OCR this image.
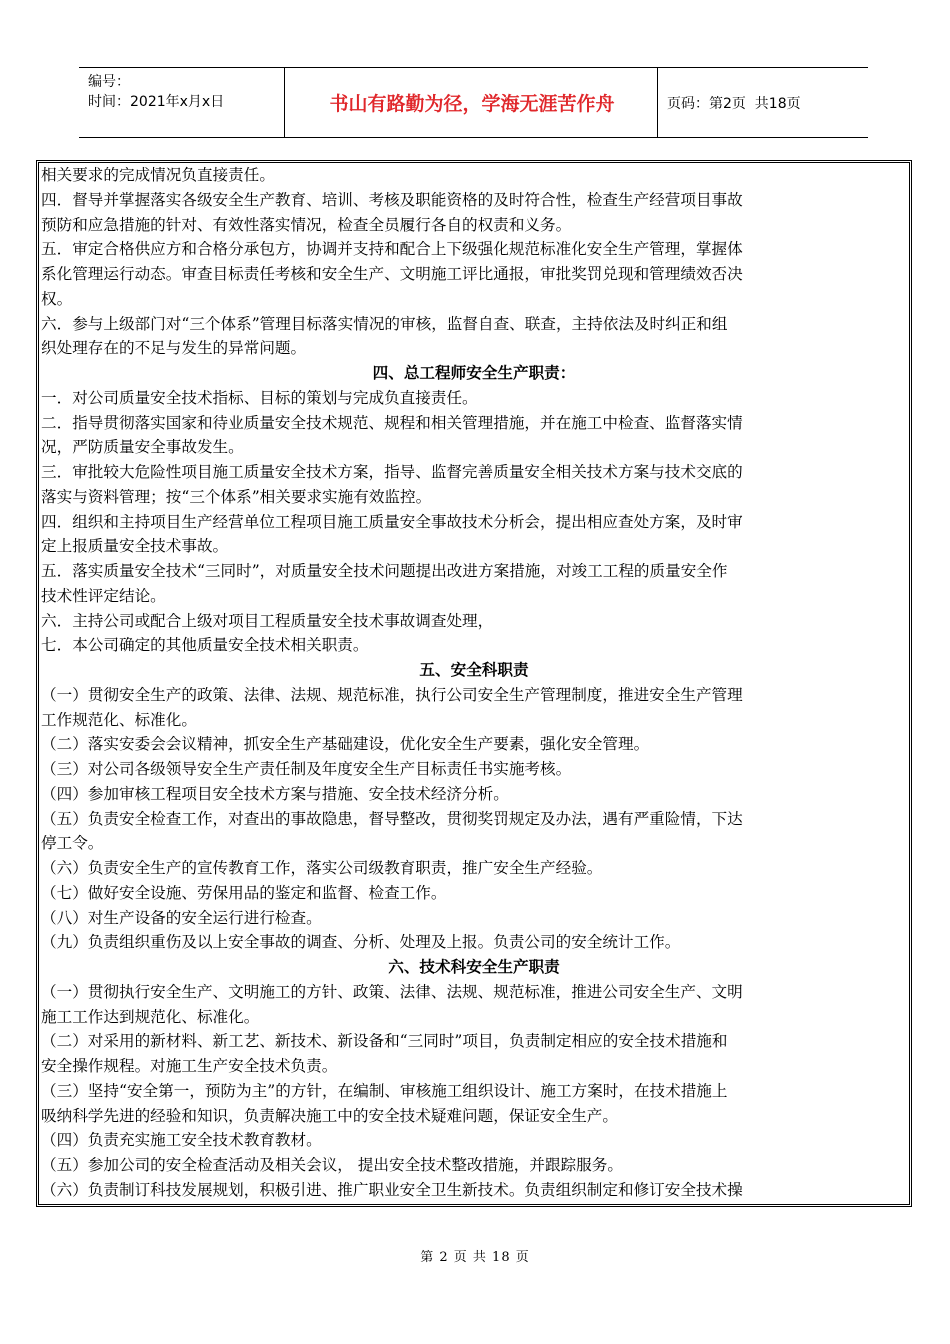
编号：
时间：2021年x月x日	书山有路勤为径，学海无涯苦作舟	页码：第2页  共18页
相关要求的完成情况负直接责任。
四．督导并掌握落实各级安全生产教育、培训、考核及职能资格的及时符合性，检查生产经营项目事故
预防和应急措施的针对、有效性落实情况，检查全员履行各自的权责和义务。
五．审定合格供应方和合格分承包方，协调并支持和配合上下级强化规范标准化安全生产管理，掌握体
系化管理运行动态。审查目标责任考核和安全生产、文明施工评比通报，审批奖罚兑现和管理绩效否决
权。
六．参与上级部门对“三个体系”管理目标落实情况的审核，监督自查、联查，主持依法及时纠正和组
织处理存在的不足与发生的异常问题。
四、总工程师安全生产职责：
一．对公司质量安全技术指标、目标的策划与完成负直接责任。
二．指导贯彻落实国家和待业质量安全技术规范、规程和相关管理措施，并在施工中检查、监督落实情
况，严防质量安全事故发生。
三．审批较大危险性项目施工质量安全技术方案，指导、监督完善质量安全相关技术方案与技术交底的
落实与资料管理；按“三个体系”相关要求实施有效监控。
四．组织和主持项目生产经营单位工程项目施工质量安全事故技术分析会，提出相应查处方案，及时审
定上报质量安全技术事故。
五．落实质量安全技术“三同时”，对质量安全技术问题提出改进方案措施，对竣工工程的质量安全作
技术性评定结论。
六．主持公司或配合上级对项目工程质量安全技术事故调查处理，
七．本公司确定的其他质量安全技术相关职责。
五、安全科职责
（一）贯彻安全生产的政策、法律、法规、规范标准，执行公司安全生产管理制度，推进安全生产管理
工作规范化、标准化。
（二）落实安委会会议精神，抓安全生产基础建设，优化安全生产要素，强化安全管理。
（三）对公司各级领导安全生产责任制及年度安全生产目标责任书实施考核。
（四）参加审核工程项目安全技术方案与措施、安全技术经济分析。
（五）负责安全检查工作，对查出的事故隐患，督导整改，贯彻奖罚规定及办法，遇有严重险情，下达
停工令。
（六）负责安全生产的宣传教育工作，落实公司级教育职责，推广安全生产经验。
（七）做好安全设施、劳保用品的鉴定和监督、检查工作。
（八）对生产设备的安全运行进行检查。
（九）负责组织重伤及以上安全事故的调查、分析、处理及上报。负责公司的安全统计工作。
六、技术科安全生产职责
（一）贯彻执行安全生产、文明施工的方针、政策、法律、法规、规范标准，推进公司安全生产、文明
施工工作达到规范化、标准化。
（二）对采用的新材料、新工艺、新技术、新设备和“三同时”项目，负责制定相应的安全技术措施和
安全操作规程。对施工生产安全技术负责。
（三）坚持“安全第一，预防为主”的方针，在编制、审核施工组织设计、施工方案时，在技术措施上
吸纳科学先进的经验和知识，负责解决施工中的安全技术疑难问题，保证安全生产。
（四）负责充实施工安全技术教育教材。
（五）参加公司的安全检查活动及相关会议， 提出安全技术整改措施，并跟踪服务。
（六）负责制订科技发展规划，积极引进、推广职业安全卫生新技术。负责组织制定和修订安全技术操
第 2 页 共 18 页
